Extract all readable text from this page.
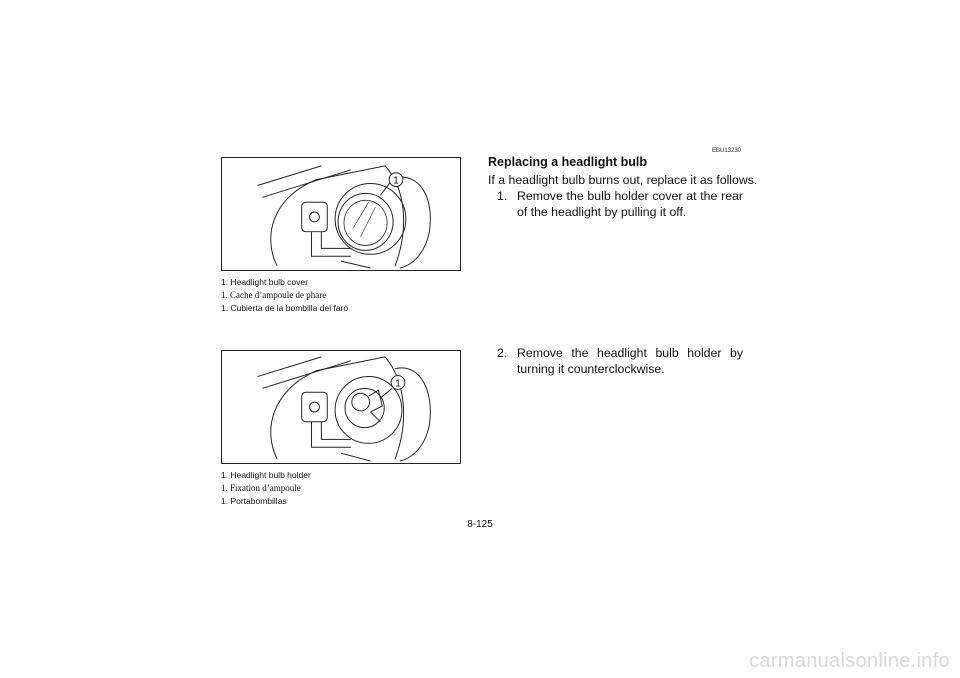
1
1. Headlight bulb cover
1. Cache d’ampoule de phare
1. Cubierta de la bombilla del faro
1
1. Headlight bulb holder
1. Fixation d’ampoule
1. Portabombillas
EBU13230
Replacing a headlight bulb
If a headlight bulb burns out, replace it as follows.
1. Remove the bulb holder cover at the rear of the headlight by pulling it off.
2. Remove the headlight bulb holder by turning it counterclockwise.
8-125
carmanualsonline.info
